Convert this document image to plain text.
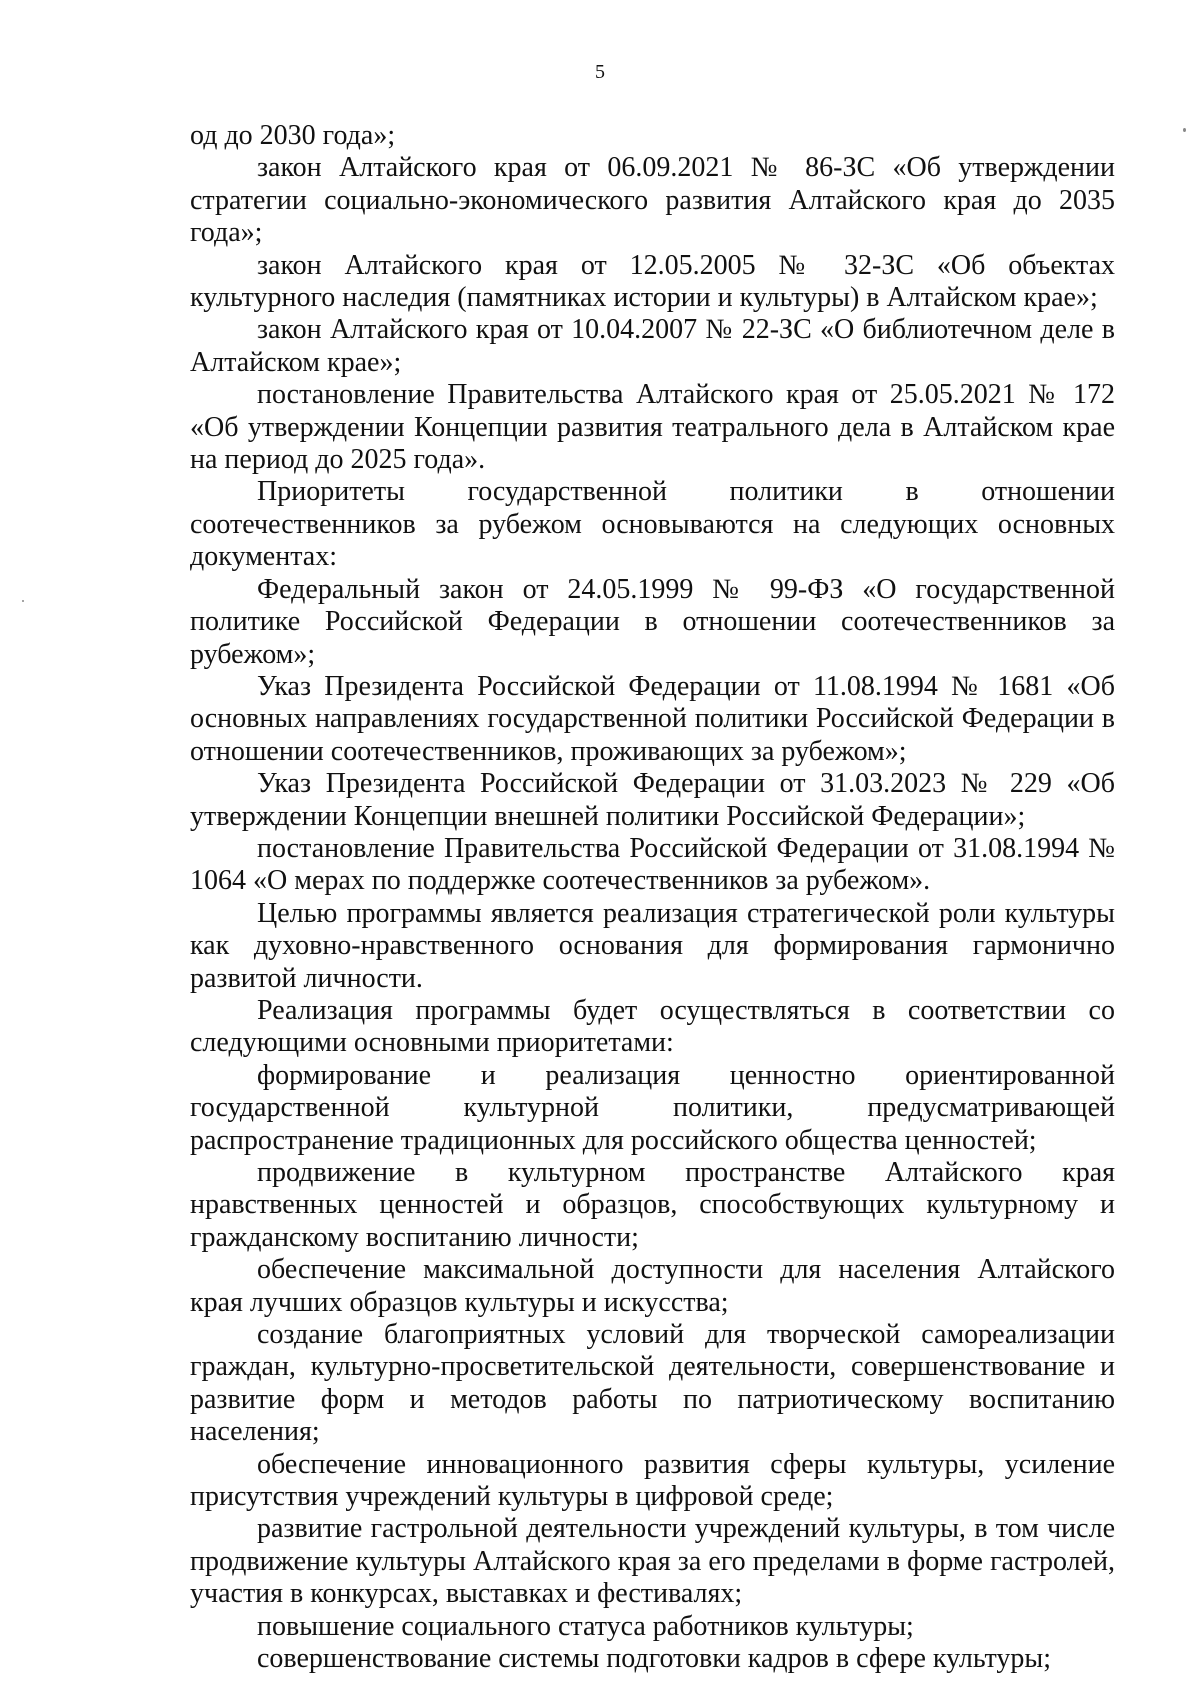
5

од до 2030 года»;

закон Алтайского края от 06.09.2021 № 86-ЗС «Об утверждении стратегии социально-экономического развития Алтайского края до 2035 года»;

закон Алтайского края от 12.05.2005 № 32-ЗС «Об объектах культурного наследия (памятниках истории и культуры) в Алтайском крае»;

закон Алтайского края от 10.04.2007 № 22-ЗС «О библиотечном деле в Алтайском крае»;

постановление Правительства Алтайского края от 25.05.2021 № 172 «Об утверждении Концепции развития театрального дела в Алтайском крае на период до 2025 года».

Приоритеты государственной политики в отношении соотечественников за рубежом основываются на следующих основных документах:

Федеральный закон от 24.05.1999 № 99-ФЗ «О государственной политике Российской Федерации в отношении соотечественников за рубежом»;

Указ Президента Российской Федерации от 11.08.1994 № 1681 «Об основных направлениях государственной политики Российской Федерации в отношении соотечественников, проживающих за рубежом»;

Указ Президента Российской Федерации от 31.03.2023 № 229 «Об утверждении Концепции внешней политики Российской Федерации»;

постановление Правительства Российской Федерации от 31.08.1994 № 1064 «О мерах по поддержке соотечественников за рубежом».

Целью программы является реализация стратегической роли культуры как духовно-нравственного основания для формирования гармонично развитой личности.

Реализация программы будет осуществляться в соответствии со следующими основными приоритетами:

формирование и реализация ценностно ориентированной государственной культурной политики, предусматривающей распространение традиционных для российского общества ценностей;

продвижение в культурном пространстве Алтайского края нравственных ценностей и образцов, способствующих культурному и гражданскому воспитанию личности;

обеспечение максимальной доступности для населения Алтайского края лучших образцов культуры и искусства;

создание благоприятных условий для творческой самореализации граждан, культурно-просветительской деятельности, совершенствование и развитие форм и методов работы по патриотическому воспитанию населения;

обеспечение инновационного развития сферы культуры, усиление присутствия учреждений культуры в цифровой среде;

развитие гастрольной деятельности учреждений культуры, в том числе продвижение культуры Алтайского края за его пределами в форме гастролей, участия в конкурсах, выставках и фестивалях;

повышение социального статуса работников культуры;

совершенствование системы подготовки кадров в сфере культуры;
